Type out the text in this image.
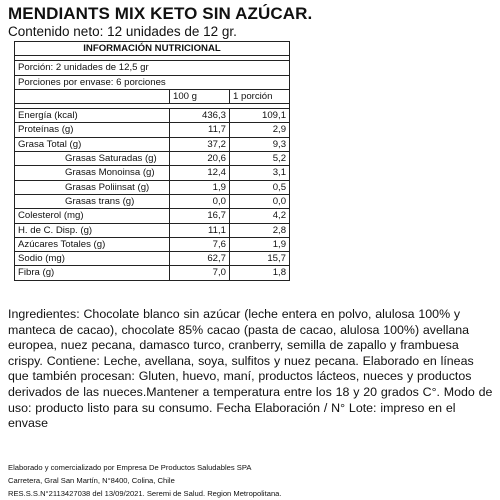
MENDIANTS MIX KETO SIN AZÚCAR.
Contenido neto: 12 unidades de 12 gr.
INFORMACIÓN NUTRICIONAL		

Porción: 2 unidades de 12,5 gr		
Porciones por envase: 6 porciones		
	100 g	1 porción

Energía (kcal)	436,3	109,1
Proteínas (g)	11,7	2,9
Grasa Total (g)	37,2	9,3
Grasas Saturadas (g)	20,6	5,2
Grasas Monoinsa (g)	12,4	3,1
Grasas Poliinsat (g)	1,9	0,5
Grasas trans (g)	0,0	0,0
Colesterol (mg)	16,7	4,2
H. de C. Disp. (g)	11,1	2,8
Azúcares Totales (g)	7,6	1,9
Sodio (mg)	62,7	15,7
Fibra (g)	7,0	1,8
Ingredientes: Chocolate blanco sin azúcar (leche entera en polvo, alulosa 100% y manteca de cacao), chocolate 85% cacao (pasta de cacao, alulosa 100%) avellana europea, nuez pecana, damasco turco, cranberry, semilla de zapallo y frambuesa crispy. Contiene: Leche, avellana, soya, sulfitos y nuez pecana. Elaborado en líneas que también procesan: Gluten, huevo, maní, productos lácteos, nueces y productos derivados de las nueces.Mantener a temperatura entre los 18 y 20 grados C°. Modo de uso: producto listo para su consumo. Fecha Elaboración / N° Lote: impreso en el envase
Elaborado y comercializado por Empresa De Productos Saludables SPA
Carretera, Gral San Martín, N°8400, Colina, Chile
RES.S.S.N°2113427038 del 13/09/2021. Seremi de Salud. Region Metropolitana.
